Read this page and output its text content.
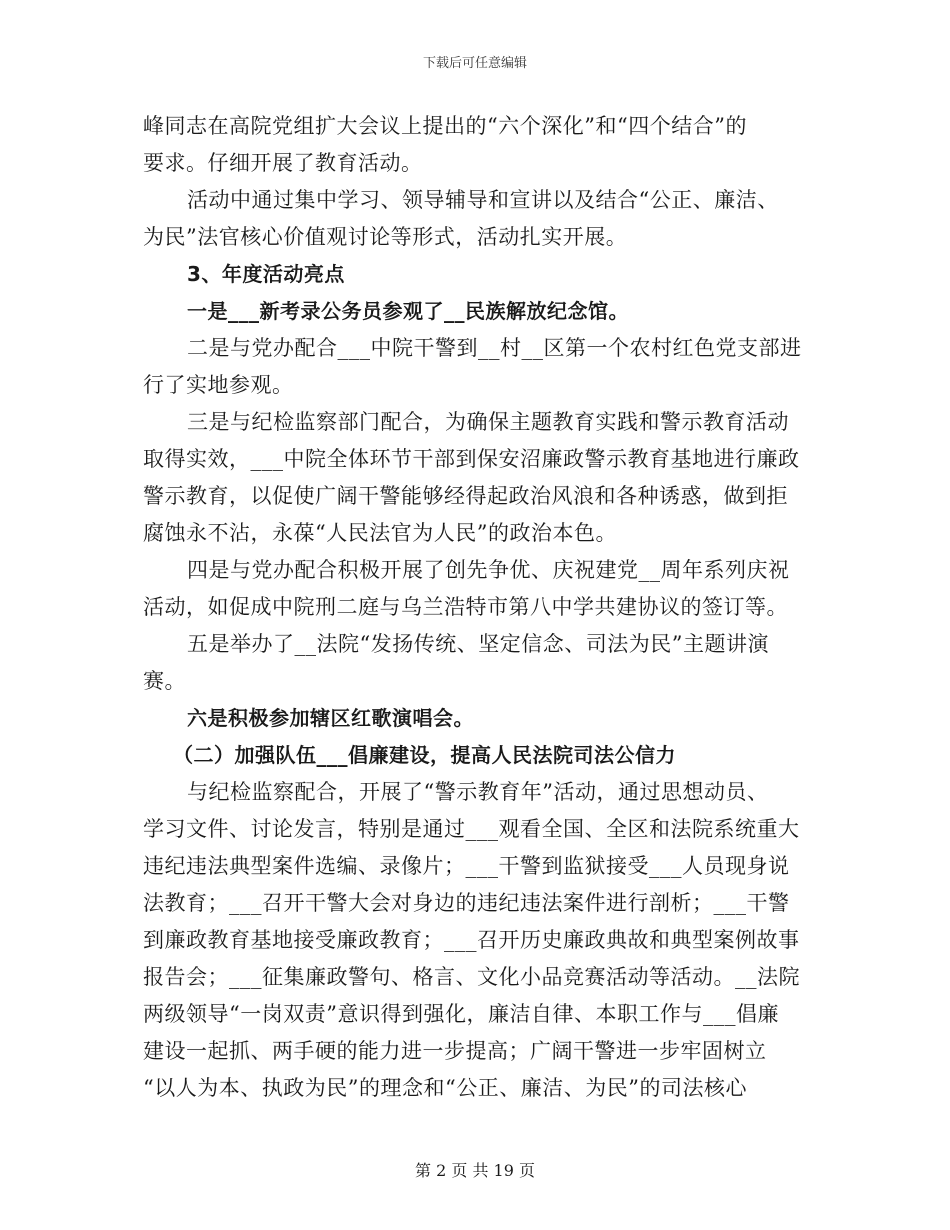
下载后可任意编辑
峰同志在高院党组扩大会议上提出的“六个深化”和“四个结合”的
要求。仔细开展了教育活动。
活动中通过集中学习、领导辅导和宣讲以及结合“公正、廉洁、
为民”法官核心价值观讨论等形式，活动扎实开展。
3、年度活动亮点
一是___新考录公务员参观了__民族解放纪念馆。
二是与党办配合___中院干警到__村__区第一个农村红色党支部进
行了实地参观。
三是与纪检监察部门配合，为确保主题教育实践和警示教育活动
取得实效，___中院全体环节干部到保安沼廉政警示教育基地进行廉政
警示教育，以促使广阔干警能够经得起政治风浪和各种诱惑，做到拒
腐蚀永不沾，永葆“人民法官为人民”的政治本色。
四是与党办配合积极开展了创先争优、庆祝建党__周年系列庆祝
活动，如促成中院刑二庭与乌兰浩特市第八中学共建协议的签订等。
五是举办了__法院“发扬传统、坚定信念、司法为民”主题讲演
赛。
六是积极参加辖区红歌演唱会。
（二）加强队伍___倡廉建设，提高人民法院司法公信力
与纪检监察配合，开展了“警示教育年”活动，通过思想动员、
学习文件、讨论发言，特别是通过___观看全国、全区和法院系统重大
违纪违法典型案件选编、录像片；___干警到监狱接受___人员现身说
法教育；___召开干警大会对身边的违纪违法案件进行剖析；___干警
到廉政教育基地接受廉政教育；___召开历史廉政典故和典型案例故事
报告会；___征集廉政警句、格言、文化小品竞赛活动等活动。__法院
两级领导“一岗双责”意识得到强化，廉洁自律、本职工作与___倡廉
建设一起抓、两手硬的能力进一步提高；广阔干警进一步牢固树立
“以人为本、执政为民”的理念和“公正、廉洁、为民”的司法核心
第 2 页 共 19 页
